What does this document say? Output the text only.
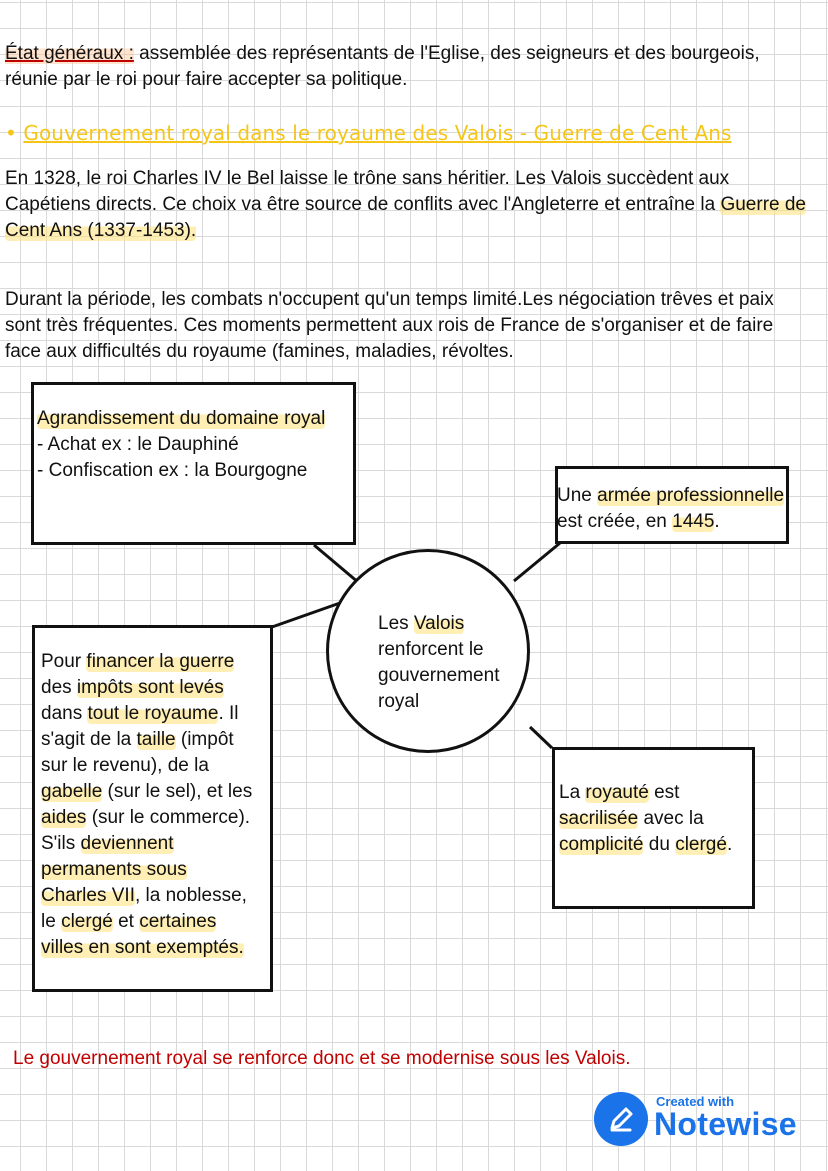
État généraux : assemblée des représentants de l'Eglise, des seigneurs et des bourgeois,
réunie par le roi pour faire accepter sa politique.
• Gouvernement royal dans le royaume des Valois - Guerre de Cent Ans
En 1328, le roi Charles IV le Bel laisse le trône sans héritier. Les Valois succèdent aux
Capétiens directs. Ce choix va être source de conflits avec l'Angleterre et entraîne la Guerre de
Cent Ans (1337-1453).
Durant la période, les combats n'occupent qu'un temps limité.Les négociation trêves et paix
sont très fréquentes. Ces moments permettent aux rois de France de s'organiser et de faire
face aux difficultés du royaume (famines, maladies, révoltes.
Agrandissement du domaine royal
- Achat ex : le Dauphiné
- Confiscation ex : la Bourgogne
Une armée professionnelle
est créée, en 1445.
Les Valois
renforcent le
gouvernement
royal
Pour financer la guerre
des impôts sont levés
dans tout le royaume. Il
s'agit de la taille (impôt
sur le revenu), de la
gabelle (sur le sel), et les
aides (sur le commerce).
S'ils deviennent
permanents sous
Charles VII, la noblesse,
le clergé et certaines
villes en sont exemptés.
La royauté est
sacrilisée avec la
complicité du clergé.
Le gouvernement royal se renforce donc et se modernise sous les Valois.
Created with
Notewise
